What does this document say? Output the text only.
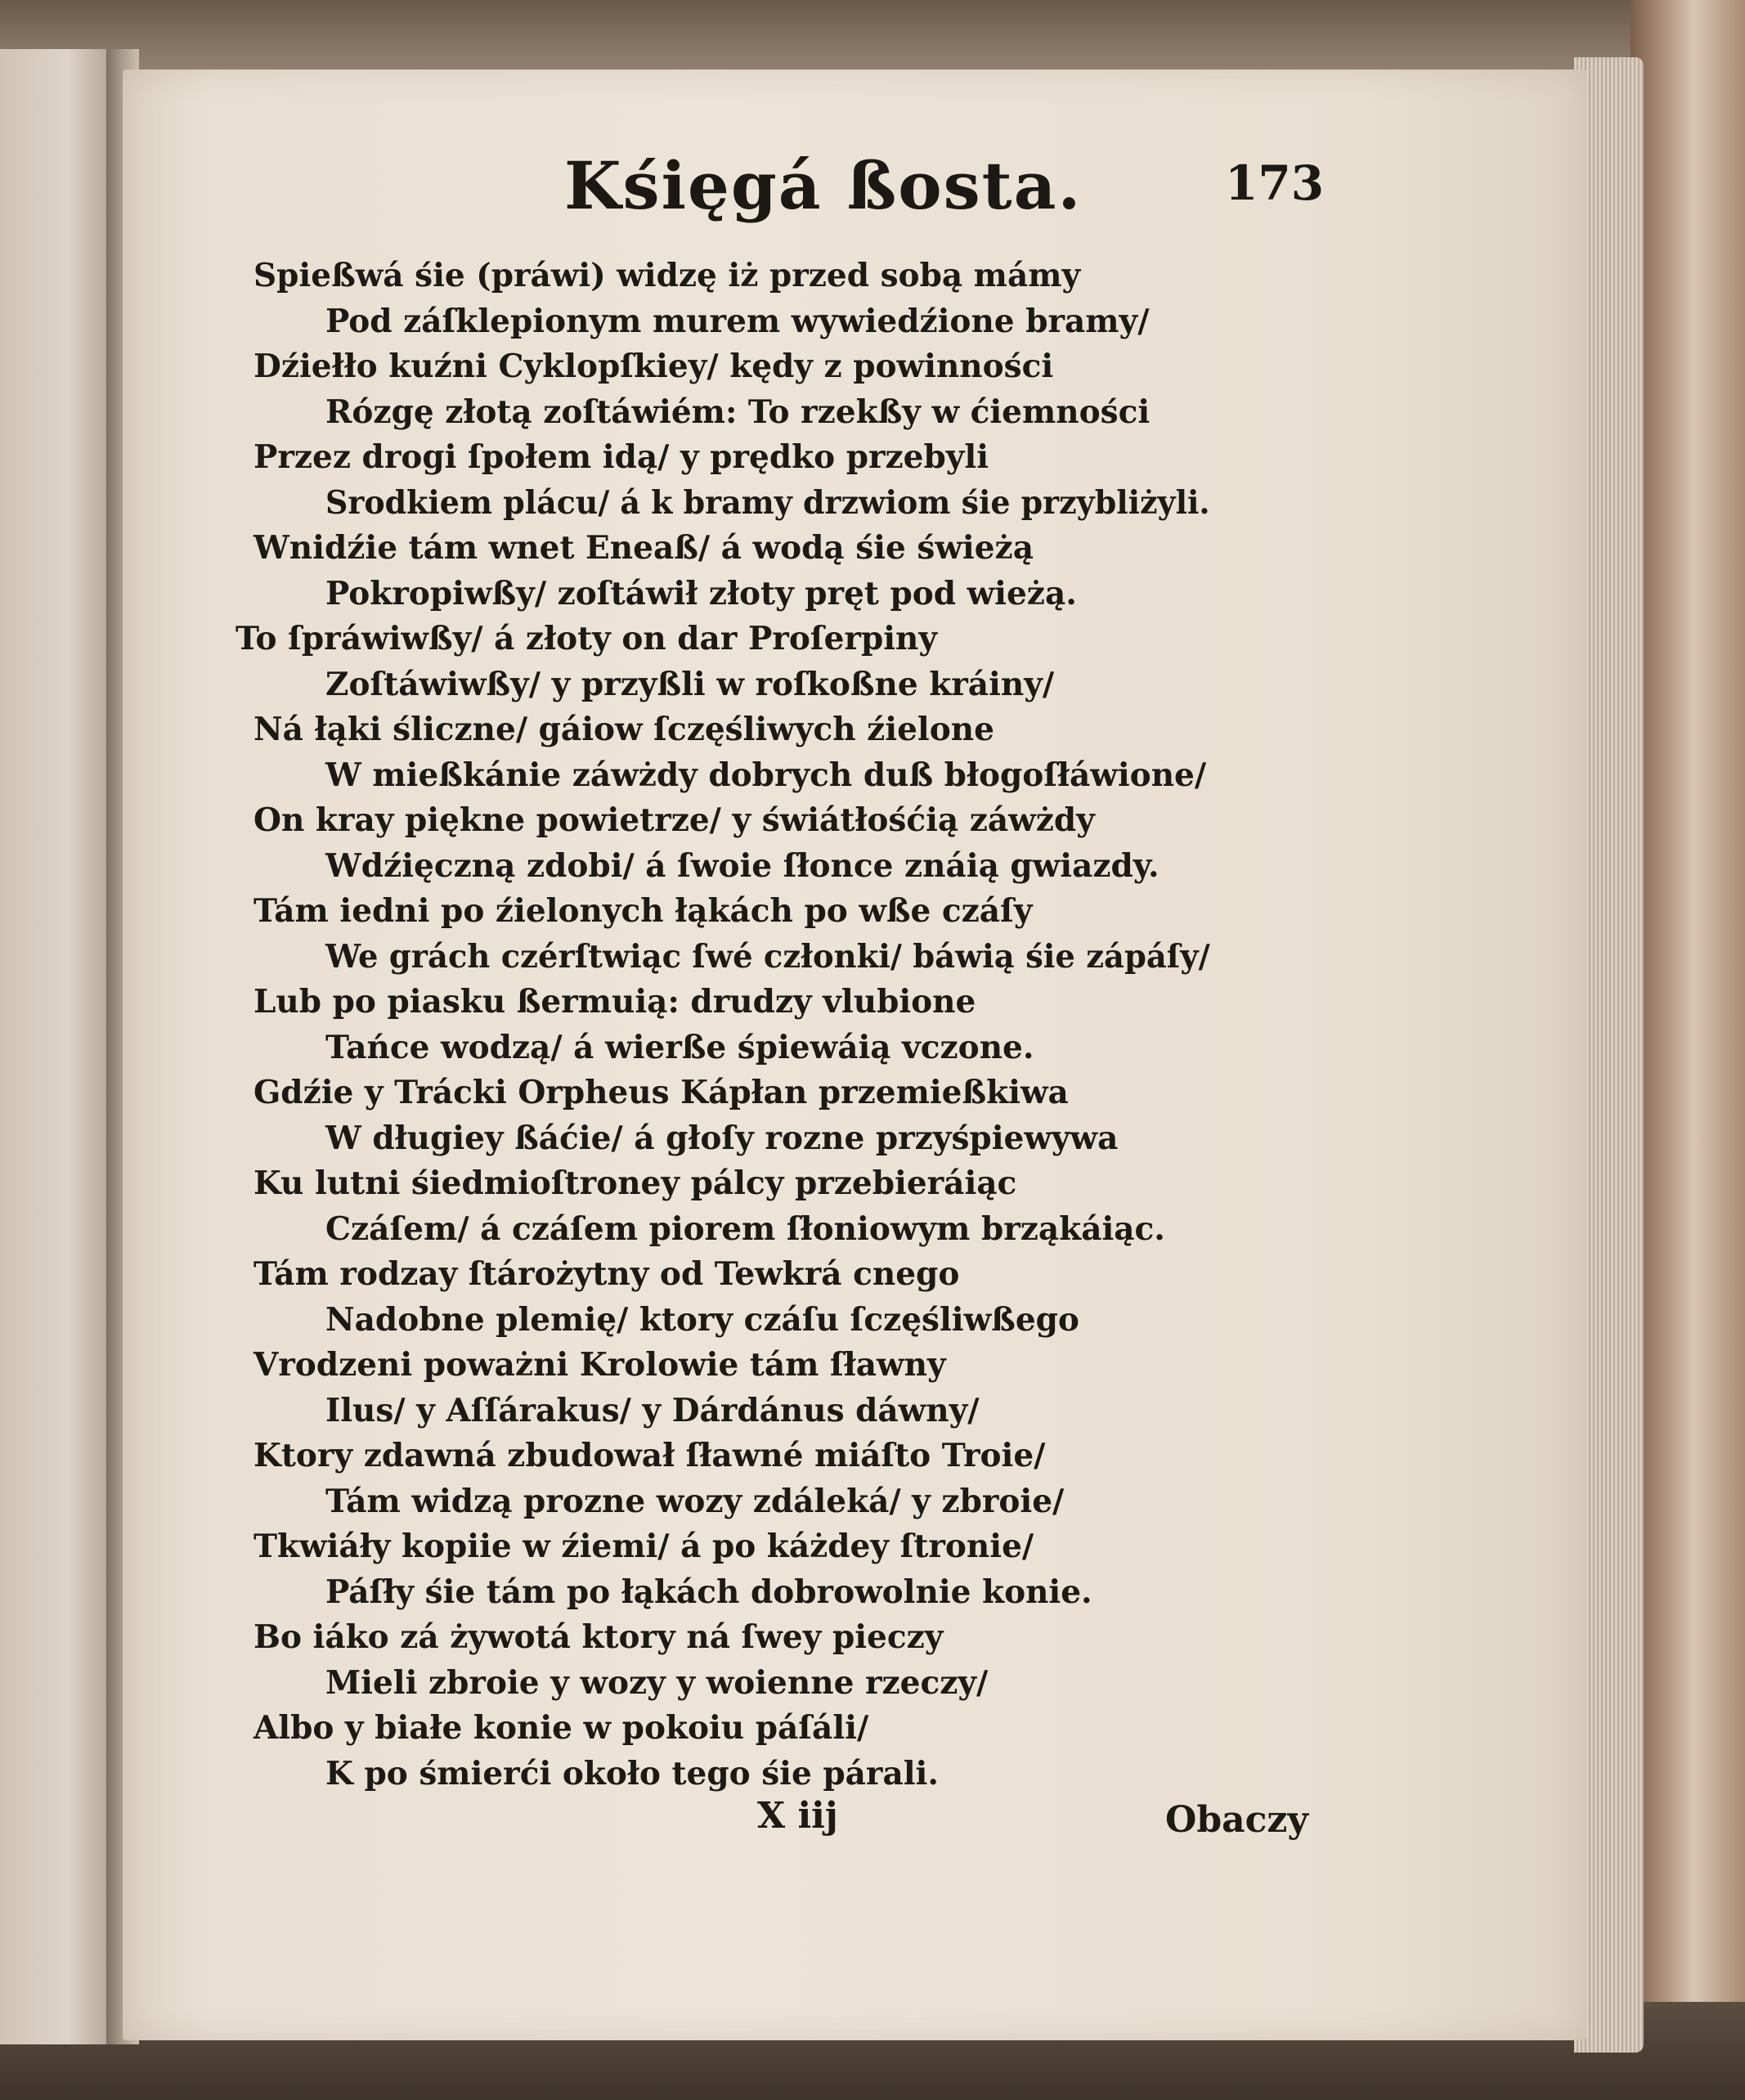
Kśięgá ßosta.	173
Spießwá śie (práwi) widzę iż przed sobą mámy
Pod záſklepionym murem wywiedźione bramy/
Dźiełło kuźni Cyklopſkiey/ kędy z powinności
Rózgę złotą zoſtáwiém: To rzekßy w ćiemności
Przez drogi ſpołem idą/ y prędko przebyli
Srodkiem plácu/ á k bramy drzwiom śie przybliżyli.
Wnidźie tám wnet Eneaß/ á wodą śie świeżą
Pokropiwßy/ zoſtáwił złoty pręt pod wieżą.
To ſpráwiwßy/ á złoty on dar Proſerpiny
Zoſtáwiwßy/ y przyßli w roſkoßne kráiny/
Ná łąki śliczne/ gáiow ſczęśliwych źielone
W mießkánie záwżdy dobrych duß błogoſłáwione/
On kray piękne powietrze/ y świátłośćią záwżdy
Wdźięczną zdobi/ á ſwoie ſłonce znáią gwiazdy.
Tám iedni po źielonych łąkách po wße czáſy
We grách czérſtwiąc ſwé członki/ báwią śie zápáſy/
Lub po piasku ßermuią: drudzy vlubione
Tańce wodzą/ á wierße śpiewáią vczone.
Gdźie y Trácki Orpheus Kápłan przemießkiwa
W długiey ßáćie/ á głoſy rozne przyśpiewywa
Ku lutni śiedmioſtroney pálcy przebieráiąc
Czáſem/ á czáſem piorem ſłoniowym brząkáiąc.
Tám rodzay ſtárożytny od Tewkrá cnego
Nadobne plemię/ ktory czáſu ſczęśliwßego
Vrodzeni poważni Krolowie tám ſławny
Ilus/ y Aſſárakus/ y Dárdánus dáwny/
Ktory zdawná zbudował ſławné miáſto Troie/
Tám widzą prozne wozy zdáleká/ y zbroie/
Tkwiáły kopiie w źiemi/ á po káżdey ſtronie/
Páſły śie tám po łąkách dobrowolnie konie.
Bo iáko zá żywotá ktory ná ſwey pieczy
Mieli zbroie y wozy y woienne rzeczy/
Albo y białe konie w pokoiu páſáli/
K po śmierći około tego śie párali.
X iij	Obaczy
